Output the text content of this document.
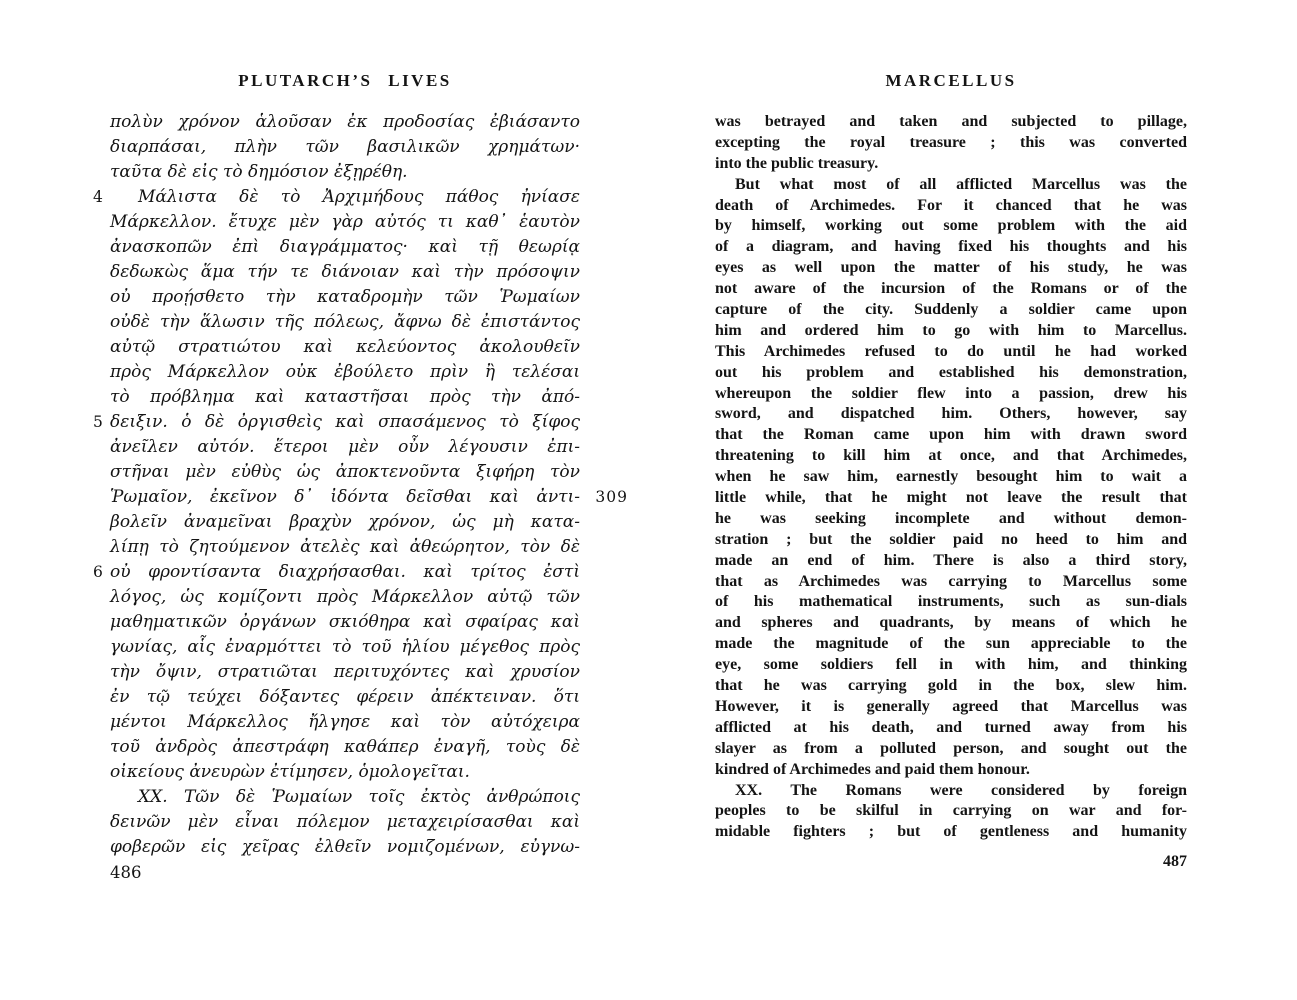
PLUTARCH’S LIVES
πολὺν χρόνον ἁλοῦσαν ἐκ προδοσίας ἐβιάσαντο
διαρπάσαι, πλὴν τῶν βασιλικῶν χρημάτων·
ταῦτα δὲ εἰς τὸ δημόσιον ἐξῃρέθη.
Μάλιστα δὲ τὸ Ἀρχιμήδους πάθος ἠνίασε
4
Μάρκελλον. ἔτυχε μὲν γὰρ αὐτός τι καθ᾽ ἑαυτὸν
ἀνασκοπῶν ἐπὶ διαγράμματος· καὶ τῇ θεωρίᾳ
δεδωκὼς ἅμα τήν τε διάνοιαν καὶ τὴν πρόσοψιν
οὐ προῄσθετο τὴν καταδρομὴν τῶν Ῥωμαίων
οὐδὲ τὴν ἅλωσιν τῆς πόλεως, ἄφνω δὲ ἐπιστάντος
αὐτῷ στρατιώτου καὶ κελεύοντος ἀκολουθεῖν
πρὸς Μάρκελλον οὐκ ἐβούλετο πρὶν ἢ τελέσαι
τὸ πρόβλημα καὶ καταστῆσαι πρὸς τὴν ἀπό-
δειξιν. ὁ δὲ ὀργισθεὶς καὶ σπασάμενος τὸ ξίφος
5
ἀνεῖλεν αὐτόν. ἕτεροι μὲν οὖν λέγουσιν ἐπι-
στῆναι μὲν εὐθὺς ὡς ἀποκτενοῦντα ξιφήρη τὸν
Ῥωμαῖον, ἐκεῖνον δ᾽ ἰδόντα δεῖσθαι καὶ ἀντι- 309
βολεῖν ἀναμεῖναι βραχὺν χρόνον, ὡς μὴ κατα-
λίπῃ τὸ ζητούμενον ἀτελὲς καὶ ἀθεώρητον, τὸν δὲ
οὐ φροντίσαντα διαχρήσασθαι. καὶ τρίτος ἐστὶ
6
λόγος, ὡς κομίζοντι πρὸς Μάρκελλον αὐτῷ τῶν
μαθηματικῶν ὀργάνων σκιόθηρα καὶ σφαίρας καὶ
γωνίας, αἷς ἐναρμόττει τὸ τοῦ ἡλίου μέγεθος πρὸς
τὴν ὄψιν, στρατιῶται περιτυχόντες καὶ χρυσίον
ἐν τῷ τεύχει δόξαντες φέρειν ἀπέκτειναν. ὅτι
μέντοι Μάρκελλος ἤλγησε καὶ τὸν αὐτόχειρα
τοῦ ἀνδρὸς ἀπεστράφη καθάπερ ἐναγῆ, τοὺς δὲ
οἰκείους ἀνευρὼν ἐτίμησεν, ὁμολογεῖται.
XX. Τῶν δὲ Ῥωμαίων τοῖς ἐκτὸς ἀνθρώποις
δεινῶν μὲν εἶναι πόλεμον μεταχειρίσασθαι καὶ
φοβερῶν εἰς χεῖρας ἐλθεῖν νομιζομένων, εὐγνω-
486
MARCELLUS
was betrayed and taken and subjected to pillage,
excepting the royal treasure ; this was converted
into the public treasury.
But what most of all afflicted Marcellus was the
death of Archimedes. For it chanced that he was
by himself, working out some problem with the aid
of a diagram, and having fixed his thoughts and his
eyes as well upon the matter of his study, he was
not aware of the incursion of the Romans or of the
capture of the city. Suddenly a soldier came upon
him and ordered him to go with him to Marcellus.
This Archimedes refused to do until he had worked
out his problem and established his demonstration,
whereupon the soldier flew into a passion, drew his
sword, and dispatched him. Others, however, say
that the Roman came upon him with drawn sword
threatening to kill him at once, and that Archimedes,
when he saw him, earnestly besought him to wait a
little while, that he might not leave the result that
he was seeking incomplete and without demon-
stration ; but the soldier paid no heed to him and
made an end of him. There is also a third story,
that as Archimedes was carrying to Marcellus some
of his mathematical instruments, such as sun-dials
and spheres and quadrants, by means of which he
made the magnitude of the sun appreciable to the
eye, some soldiers fell in with him, and thinking
that he was carrying gold in the box, slew him.
However, it is generally agreed that Marcellus was
afflicted at his death, and turned away from his
slayer as from a polluted person, and sought out the
kindred of Archimedes and paid them honour.
XX. The Romans were considered by foreign
peoples to be skilful in carrying on war and for-
midable fighters ; but of gentleness and humanity
487
